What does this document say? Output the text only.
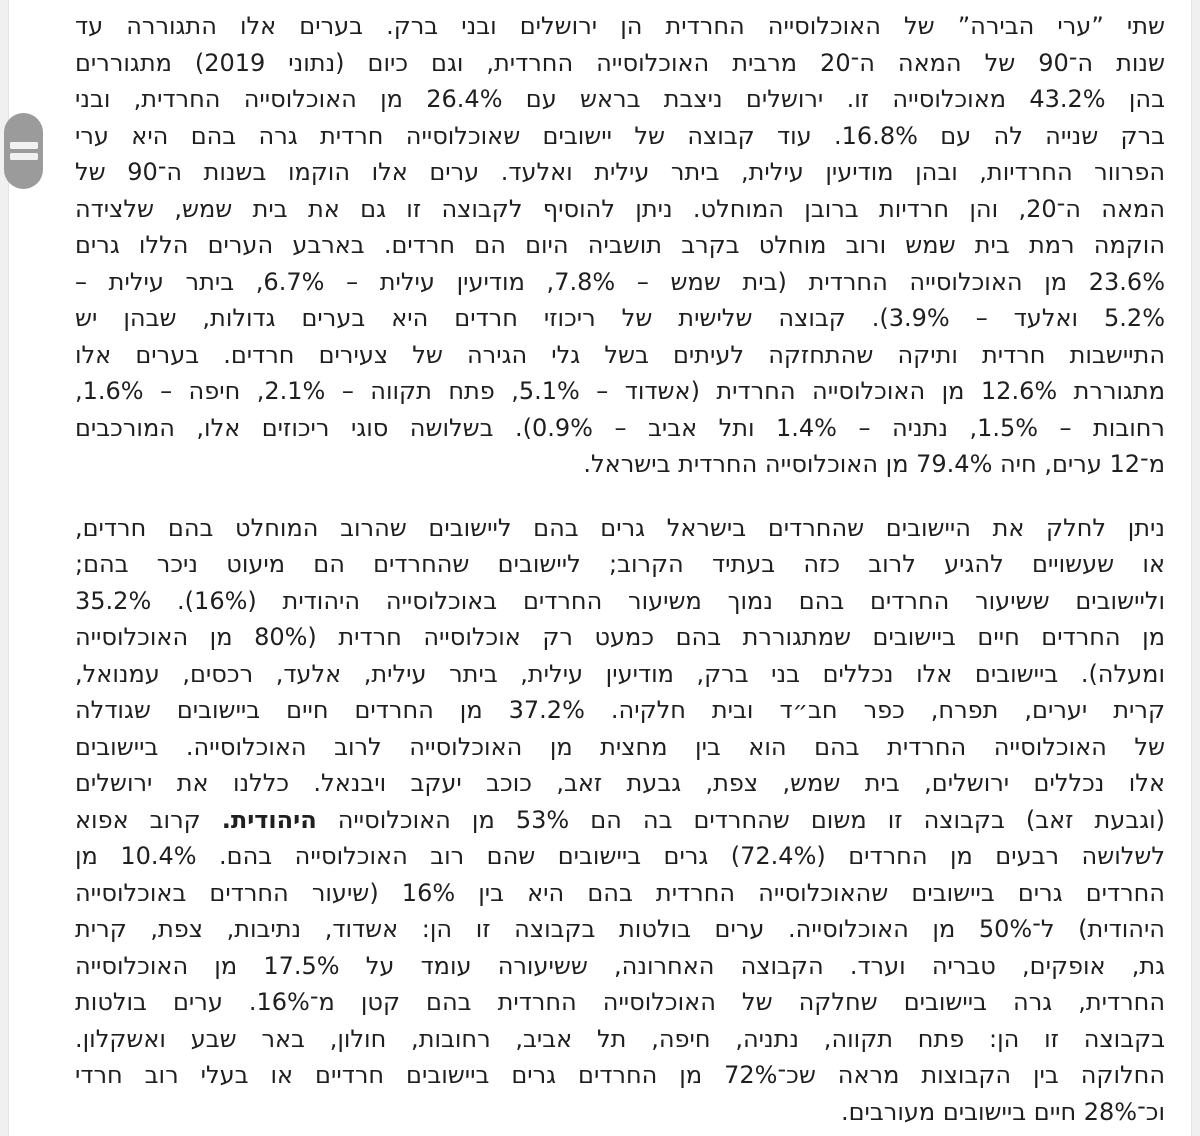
שתי ”ערי הבירה” של האוכלוסייה החרדית הן ירושלים ובני ברק. בערים אלו התגוררה עד
שנות ה־90 של המאה ה־20 מרבית האוכלוסייה החרדית, וגם כיום (נתוני 2019) מתגוררים
בהן 43.2% מאוכלוסייה זו. ירושלים ניצבת בראש עם 26.4% מן האוכלוסייה החרדית, ובני
ברק שנייה לה עם 16.8%. עוד קבוצה של יישובים שאוכלוסייה חרדית גרה בהם היא ערי
הפרוור החרדיות, ובהן מודיעין עילית, ביתר עילית ואלעד. ערים אלו הוקמו בשנות ה־90 של
המאה ה־20, והן חרדיות ברובן המוחלט. ניתן להוסיף לקבוצה זו גם את בית שמש, שלצידה
הוקמה רמת בית שמש ורוב מוחלט בקרב תושביה היום הם חרדים. בארבע הערים הללו גרים
23.6% מן האוכלוסייה החרדית (בית שמש – 7.8%, מודיעין עילית – 6.7%, ביתר עילית –
5.2% ואלעד – 3.9%). קבוצה שלישית של ריכוזי חרדים היא בערים גדולות, שבהן יש
התיישבות חרדית ותיקה שהתחזקה לעיתים בשל גלי הגירה של צעירים חרדים. בערים אלו
מתגוררת 12.6% מן האוכלוסייה החרדית (אשדוד – 5.1%, פתח תקווה – 2.1%, חיפה – 1.6%,
רחובות – 1.5%, נתניה – 1.4% ותל אביב – 0.9%). בשלושה סוגי ריכוזים אלו, המורכבים
מ־12 ערים, חיה 79.4% מן האוכלוסייה החרדית בישראל.
ניתן לחלק את היישובים שהחרדים בישראל גרים בהם ליישובים שהרוב המוחלט בהם חרדים,
או שעשויים להגיע לרוב כזה בעתיד הקרוב; ליישובים שהחרדים הם מיעוט ניכר בהם;
וליישובים ששיעור החרדים בהם נמוך משיעור החרדים באוכלוסייה היהודית (16%). 35.2%
מן החרדים חיים ביישובים שמתגוררת בהם כמעט רק אוכלוסייה חרדית (80% מן האוכלוסייה
ומעלה). ביישובים אלו נכללים בני ברק, מודיעין עילית, ביתר עילית, אלעד, רכסים, עמנואל,
קרית יערים, תפרח, כפר חב״ד ובית חלקיה. 37.2% מן החרדים חיים ביישובים שגודלה
של האוכלוסייה החרדית בהם הוא בין מחצית מן האוכלוסייה לרוב האוכלוסייה. ביישובים
אלו נכללים ירושלים, בית שמש, צפת, גבעת זאב, כוכב יעקב ויבנאל. כללנו את ירושלים
(וגבעת זאב) בקבוצה זו משום שהחרדים בה הם 53% מן האוכלוסייה היהודית. קרוב אפוא
לשלושה רבעים מן החרדים (72.4%) גרים ביישובים שהם רוב האוכלוסייה בהם. 10.4% מן
החרדים גרים ביישובים שהאוכלוסייה החרדית בהם היא בין 16% (שיעור החרדים באוכלוסייה
היהודית) ל־50% מן האוכלוסייה. ערים בולטות בקבוצה זו הן: אשדוד, נתיבות, צפת, קרית
גת, אופקים, טבריה וערד. הקבוצה האחרונה, ששיעורה עומד על 17.5% מן האוכלוסייה
החרדית, גרה ביישובים שחלקה של האוכלוסייה החרדית בהם קטן מ־16%. ערים בולטות
בקבוצה זו הן: פתח תקווה, נתניה, חיפה, תל אביב, רחובות, חולון, באר שבע ואשקלון.
החלוקה בין הקבוצות מראה שכ־72% מן החרדים גרים ביישובים חרדיים או בעלי רוב חרדי
וכ־28% חיים ביישובים מעורבים.
